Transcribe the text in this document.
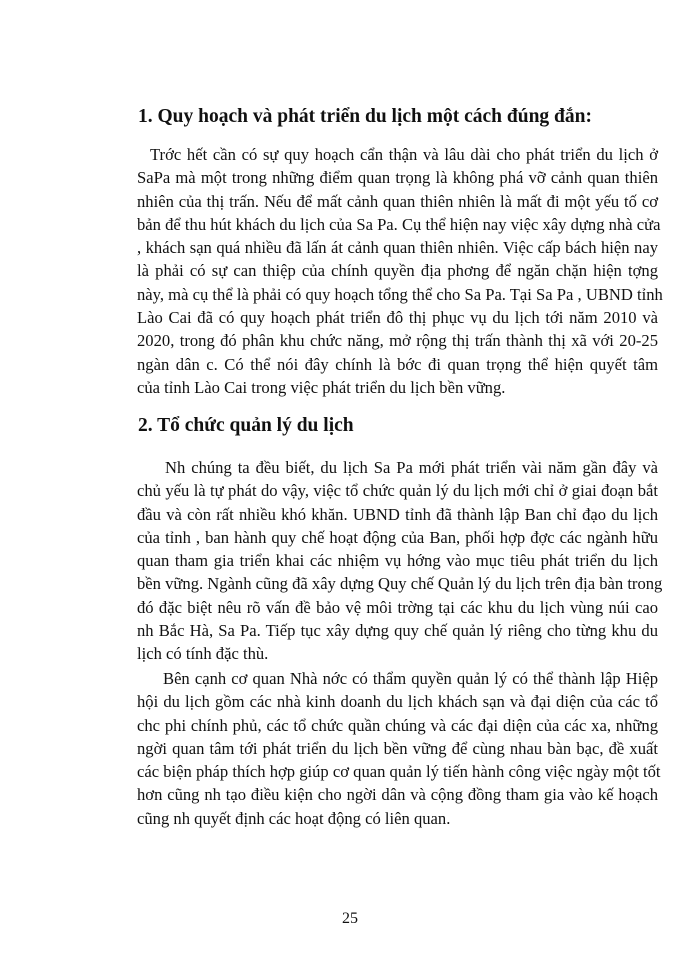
1. Quy hoạch và phát triển du lịch một cách đúng đắn:
Trớc hết cần có sự quy hoạch cẩn thận và lâu dài cho phát triển du lịch ở
SaPa mà một trong những điểm quan trọng là không phá vỡ cảnh quan thiên
nhiên của thị trấn. Nếu để mất cảnh quan thiên nhiên là mất đi một yếu tố cơ
bản để thu hút khách du lịch của Sa Pa. Cụ thể hiện nay việc xây dựng nhà cửa
, khách sạn quá nhiều đã lấn át cảnh quan thiên nhiên. Việc cấp bách hiện nay
là phải có sự can thiệp của chính quyền địa phơng để ngăn chặn hiện tợng
này, mà cụ thể là phải có quy hoạch tổng thể cho Sa Pa. Tại Sa Pa , UBND tỉnh
Lào Cai đã có quy hoạch phát triển đô thị phục vụ du lịch tới năm 2010 và
2020, trong đó phân khu chức năng, mở rộng thị trấn thành thị xã với 20-25
ngàn dân c. Có thể nói đây chính là bớc đi quan trọng thể hiện quyết tâm
của tỉnh Lào Cai trong việc phát triển du lịch bền vững.
2. Tổ chức quản lý du lịch
Nh chúng ta đều biết, du lịch Sa Pa mới phát triển vài năm gần đây và
chủ yếu là tự phát do vậy, việc tổ chức quản lý du lịch mới chỉ ở giai đoạn bắt
đầu và còn rất nhiều khó khăn. UBND tỉnh đã thành lập Ban chỉ đạo du lịch
của tỉnh , ban hành quy chế hoạt động của Ban, phối hợp đợc các ngành hữu
quan tham gia triển khai các nhiệm vụ hớng vào mục tiêu phát triển du lịch
bền vững. Ngành cũng đã xây dựng Quy chế Quản lý du lịch trên địa bàn trong
đó đặc biệt nêu rõ vấn đề bảo vệ môi trờng tại các khu du lịch vùng núi cao
nh Bắc Hà, Sa Pa. Tiếp tục xây dựng quy chế quản lý riêng cho từng khu du
lịch có tính đặc thù.
Bên cạnh cơ quan Nhà nớc có thẩm quyền quản lý có thể thành lập Hiệp
hội du lịch gồm các nhà kinh doanh du lịch khách sạn và đại diện của các tổ
chc phi chính phủ, các tổ chức quần chúng và các đại diện của các xa, những
ngời quan tâm tới phát triển du lịch bền vững để cùng nhau bàn bạc, đề xuất
các biện pháp thích hợp giúp cơ quan quản lý tiến hành công việc ngày một tốt
hơn cũng nh tạo điều kiện cho ngời dân và cộng đồng tham gia vào kế hoạch
cũng nh quyết định các hoạt động có liên quan.
25
